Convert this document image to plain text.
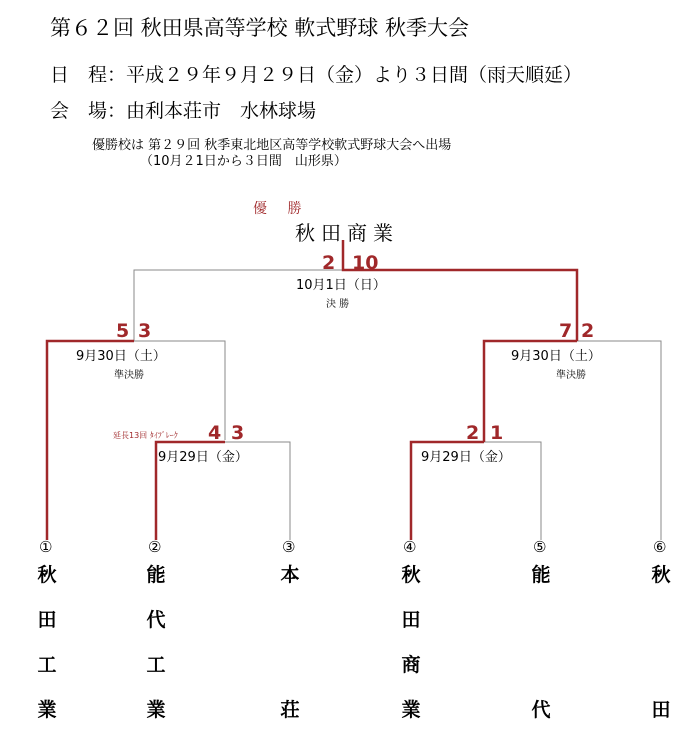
第６２回 秋田県高等学校 軟式野球 秋季大会
日　程：平成２９年９月２９日（金）より３日間（雨天順延）
会　場：由利本荘市　水林球場
優勝校は 第２９回 秋季東北地区高等学校軟式野球大会へ出場
（10月２1日から３日間　山形県）
優 勝
秋田商業
2 10
10月1日（日）
決 勝
5 3
9月30日（土）
準決勝
7 2
9月30日（土）
準決勝
延長13回 ﾀｲﾌﾞﾚｰｸ 4 3
9月29日（金）
2 1
9月29日（金）
①	②	③	④	⑤	⑥
秋
田
工
業
能
代
工
業
本
荘
秋
田
商
業
能
代
秋
田
